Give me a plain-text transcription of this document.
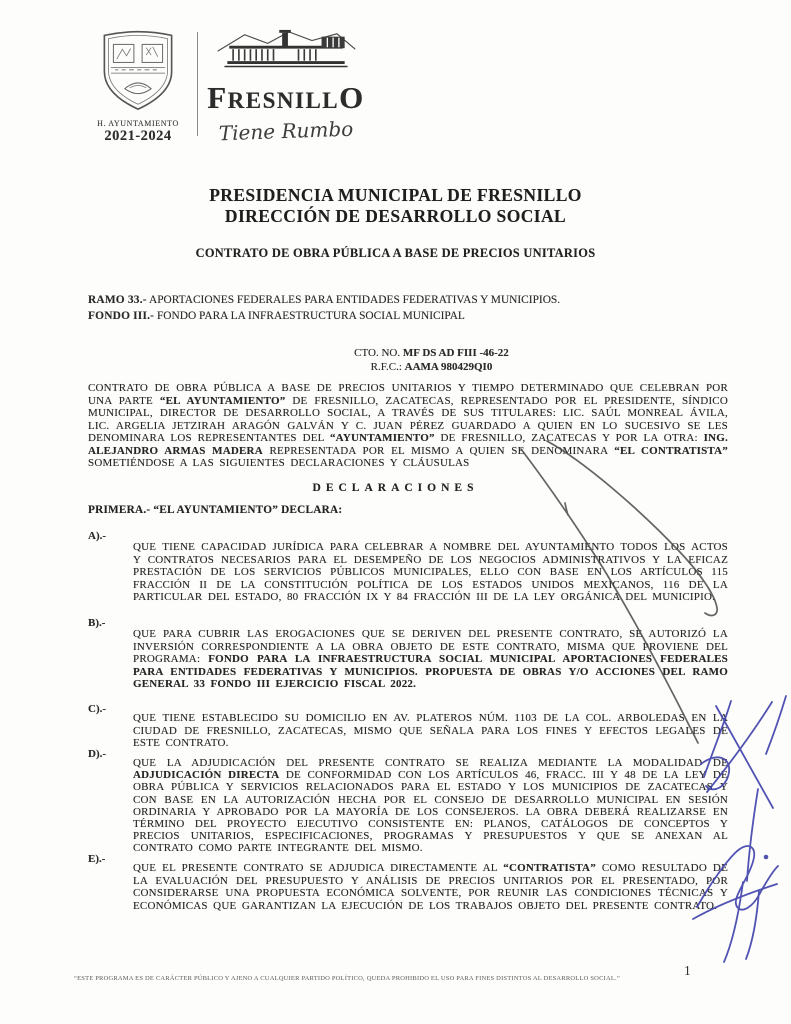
H. AYUNTAMIENTO
2021-2024
FRESNILLO
Tiene Rumbo
PRESIDENCIA MUNICIPAL DE FRESNILLO
DIRECCIÓN DE DESARROLLO SOCIAL
CONTRATO DE OBRA PÚBLICA A BASE DE PRECIOS UNITARIOS
RAMO 33.- APORTACIONES FEDERALES PARA ENTIDADES FEDERATIVAS Y MUNICIPIOS.
FONDO III.- FONDO PARA LA INFRAESTRUCTURA SOCIAL MUNICIPAL
CTO. NO. MF DS AD FIII -46-22
R.F.C.: AAMA 980429QI0
CONTRATO DE OBRA PÚBLICA A BASE DE PRECIOS UNITARIOS Y TIEMPO DETERMINADO QUE CELEBRAN POR UNA PARTE “EL AYUNTAMIENTO” DE FRESNILLO, ZACATECAS, REPRESENTADO POR EL PRESIDENTE, SÍNDICO MUNICIPAL, DIRECTOR DE DESARROLLO SOCIAL, A TRAVÉS DE SUS TITULARES: LIC. SAÚL MONREAL ÁVILA, LIC. ARGELIA JETZIRAH ARAGÓN GALVÁN Y C. JUAN PÉREZ GUARDADO A QUIEN EN LO SUCESIVO SE LES DENOMINARA LOS REPRESENTANTES DEL “AYUNTAMIENTO” DE FRESNILLO, ZACATECAS Y POR LA OTRA: ING. ALEJANDRO ARMAS MADERA REPRESENTADA POR EL MISMO A QUIEN SE DENOMINARA “EL CONTRATISTA” SOMETIÉNDOSE A LAS SIGUIENTES DECLARACIONES Y CLÁUSULAS
DECLARACIONES
PRIMERA.- “EL AYUNTAMIENTO” DECLARA:
A).-
QUE TIENE CAPACIDAD JURÍDICA PARA CELEBRAR A NOMBRE DEL AYUNTAMIENTO TODOS LOS ACTOS Y CONTRATOS NECESARIOS PARA EL DESEMPEÑO DE LOS NEGOCIOS ADMINISTRATIVOS Y LA EFICAZ PRESTACIÓN DE LOS SERVICIOS PÚBLICOS MUNICIPALES, ELLO CON BASE EN LOS ARTÍCULOS 115 FRACCIÓN II DE LA CONSTITUCIÓN POLÍTICA DE LOS ESTADOS UNIDOS MEXICANOS, 116 DE LA PARTICULAR DEL ESTADO, 80 FRACCIÓN IX Y 84 FRACCIÓN III DE LA LEY ORGÁNICA DEL MUNICIPIO.
B).-
QUE PARA CUBRIR LAS EROGACIONES QUE SE DERIVEN DEL PRESENTE CONTRATO, SE AUTORIZÓ LA INVERSIÓN CORRESPONDIENTE A LA OBRA OBJETO DE ESTE CONTRATO, MISMA QUE PROVIENE DEL PROGRAMA: FONDO PARA LA INFRAESTRUCTURA SOCIAL MUNICIPAL APORTACIONES FEDERALES PARA ENTIDADES FEDERATIVAS Y MUNICIPIOS. PROPUESTA DE OBRAS Y/O ACCIONES DEL RAMO GENERAL 33 FONDO III EJERCICIO FISCAL 2022.
C).-
QUE TIENE ESTABLECIDO SU DOMICILIO EN AV. PLATEROS NÚM. 1103 DE LA COL. ARBOLEDAS EN LA CIUDAD DE FRESNILLO, ZACATECAS, MISMO QUE SEÑALA PARA LOS FINES Y EFECTOS LEGALES DE ESTE CONTRATO.
D).-
QUE LA ADJUDICACIÓN DEL PRESENTE CONTRATO SE REALIZA MEDIANTE LA MODALIDAD DE ADJUDICACIÓN DIRECTA DE CONFORMIDAD CON LOS ARTÍCULOS 46, FRACC. III Y 48 DE LA LEY DE OBRA PÚBLICA Y SERVICIOS RELACIONADOS PARA EL ESTADO Y LOS MUNICIPIOS DE ZACATECAS Y CON BASE EN LA AUTORIZACIÓN HECHA POR EL CONSEJO DE DESARROLLO MUNICIPAL EN SESIÓN ORDINARIA Y APROBADO POR LA MAYORÍA DE LOS CONSEJEROS. LA OBRA DEBERÁ REALIZARSE EN TÉRMINO DEL PROYECTO EJECUTIVO CONSISTENTE EN: PLANOS, CATÁLOGOS DE CONCEPTOS Y PRECIOS UNITARIOS, ESPECIFICACIONES, PROGRAMAS Y PRESUPUESTOS Y QUE SE ANEXAN AL CONTRATO COMO PARTE INTEGRANTE DEL MISMO.
E).-
QUE EL PRESENTE CONTRATO SE ADJUDICA DIRECTAMENTE AL “CONTRATISTA” COMO RESULTADO DE LA EVALUACIÓN DEL PRESUPUESTO Y ANÁLISIS DE PRECIOS UNITARIOS POR EL PRESENTADO, POR CONSIDERARSE UNA PROPUESTA ECONÓMICA SOLVENTE, POR REUNIR LAS CONDICIONES TÉCNICAS Y ECONÓMICAS QUE GARANTIZAN LA EJECUCIÓN DE LOS TRABAJOS OBJETO DEL PRESENTE CONTRATO.
“ESTE PROGRAMA ES DE CARÁCTER PÚBLICO Y AJENO A CUALQUIER PARTIDO POLÍTICO, QUEDA PROHIBIDO EL USO PARA FINES DISTINTOS AL DESARROLLO SOCIAL.”
1
